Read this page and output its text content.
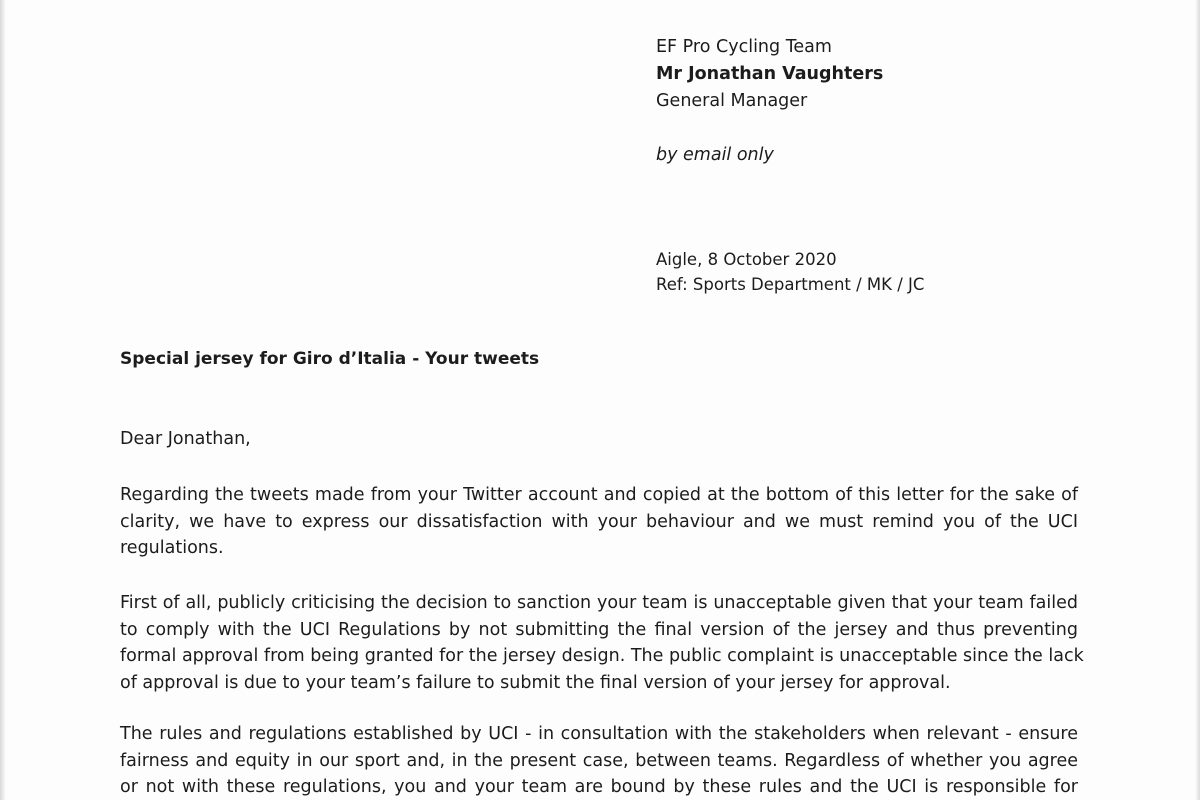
EF Pro Cycling Team
Mr Jonathan Vaughters
General Manager
by email only
Aigle, 8 October 2020
Ref: Sports Department / MK / JC
Special jersey for Giro d’Italia - Your tweets
Dear Jonathan,
Regarding the tweets made from your Twitter account and copied at the bottom of this letter for the sake of
clarity, we have to express our dissatisfaction with your behaviour and we must remind you of the UCI
regulations.
First of all, publicly criticising the decision to sanction your team is unacceptable given that your team failed
to comply with the UCI Regulations by not submitting the final version of the jersey and thus preventing
formal approval from being granted for the jersey design. The public complaint is unacceptable since the lack
of approval is due to your team’s failure to submit the final version of your jersey for approval.
The rules and regulations established by UCI - in consultation with the stakeholders when relevant - ensure
fairness and equity in our sport and, in the present case, between teams. Regardless of whether you agree
or not with these regulations, you and your team are bound by these rules and the UCI is responsible for
